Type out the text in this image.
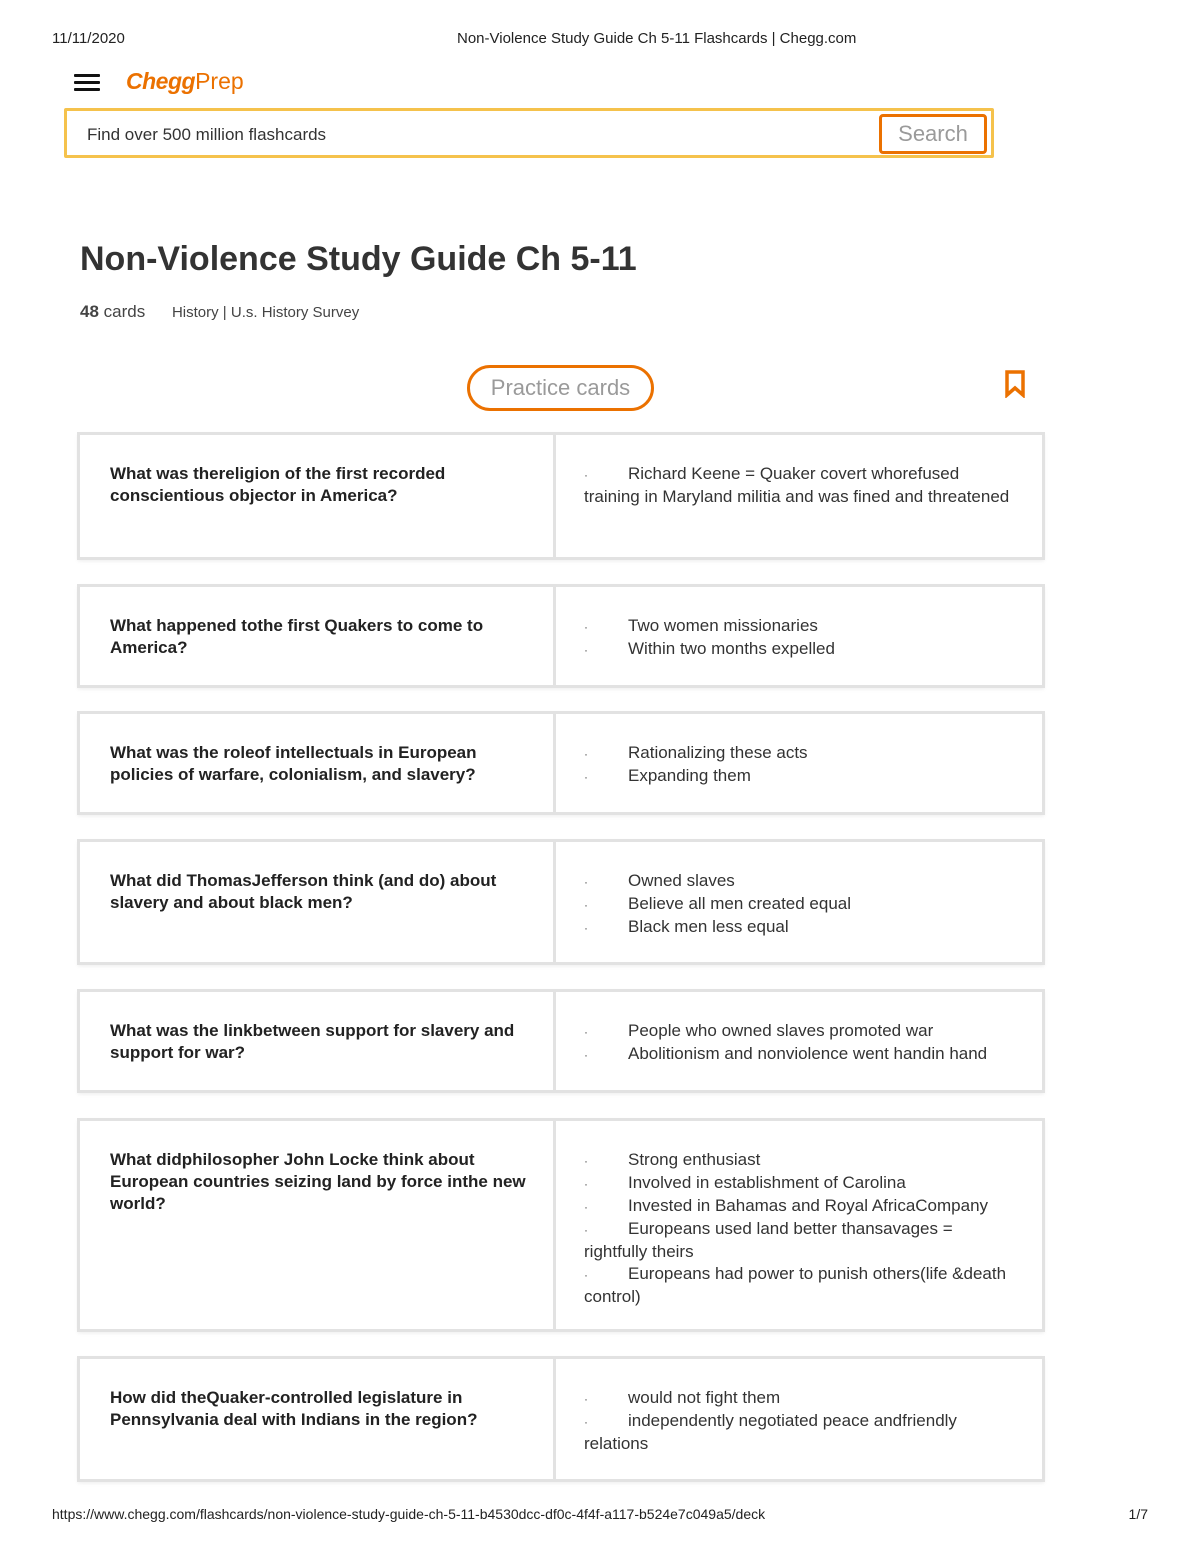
11/11/2020	Non-Violence Study Guide Ch 5-11 Flashcards | Chegg.com
CheggPrep
Find over 500 million flashcards
Search
Non-Violence Study Guide Ch 5-11
48 cards History | U.s. History Survey
Practice cards
What was thereligion of the first recorded conscientious objector in America?
· Richard Keene = Quaker covert whorefused training in Maryland militia and was fined and threatened
What happened tothe first Quakers to come to America?
· Two women missionaries
· Within two months expelled
What was the roleof intellectuals in European policies of warfare, colonialism, and slavery?
· Rationalizing these acts
· Expanding them
What did ThomasJefferson think (and do) about slavery and about black men?
· Owned slaves
· Believe all men created equal
· Black men less equal
What was the linkbetween support for slavery and support for war?
· People who owned slaves promoted war
· Abolitionism and nonviolence went handin hand
What didphilosopher John Locke think about European countries seizing land by force inthe new world?
· Strong enthusiast
· Involved in establishment of Carolina
· Invested in Bahamas and Royal AfricaCompany
· Europeans used land better thansavages = rightfully theirs
· Europeans had power to punish others(life &death control)
How did theQuaker-controlled legislature in Pennsylvania deal with Indians in the region?
· would not fight them
· independently negotiated peace andfriendly relations
https://www.chegg.com/flashcards/non-violence-study-guide-ch-5-11-b4530dcc-df0c-4f4f-a117-b524e7c049a5/deck	1/7
